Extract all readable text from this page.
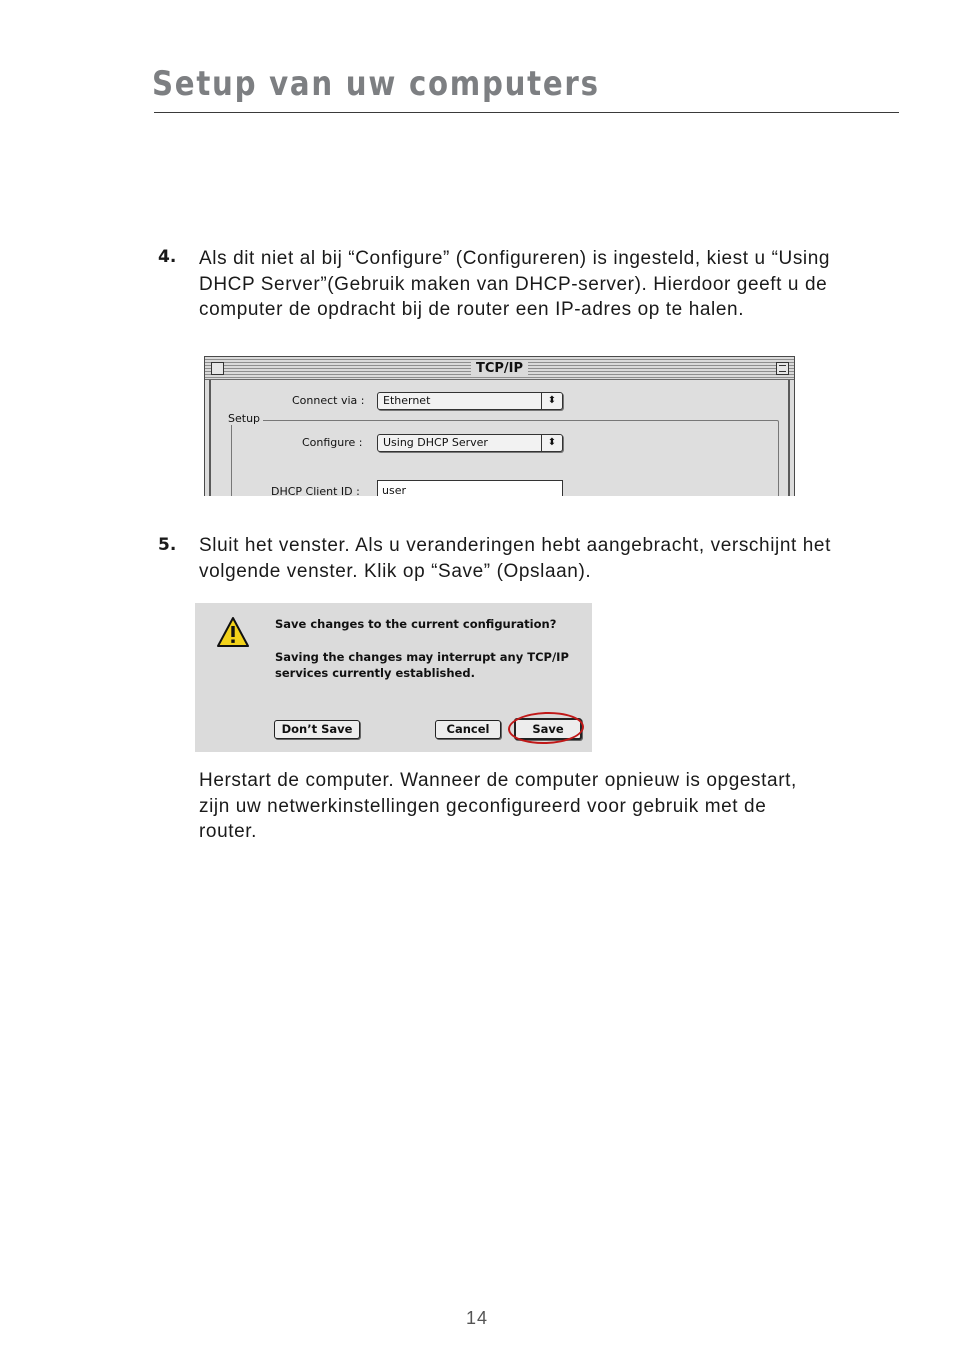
Setup van uw computers
4. Als dit niet al bij “Configure” (Configureren) is ingesteld, kiest u “Using DHCP Server”(Gebruik maken van DHCP-server). Hierdoor geeft u de computer de opdracht bij de router een IP-adres op te halen.

TCP/IP
Connect via :	Ethernet	⬍
Setup
Configure :	Using DHCP Server	⬍
DHCP Client ID :	user
5. Sluit het venster. Als u veranderingen hebt aangebracht, verschijnt het volgende venster. Klik op “Save” (Opslaan).

Save changes to the current configuration?

Saving the changes may interrupt any TCP/IP

services currently established.

Don’t Save	Cancel	Save

Herstart de computer. Wanneer de computer opnieuw is opgestart, zijn uw netwerkinstellingen geconfigureerd voor gebruik met de router.

14
